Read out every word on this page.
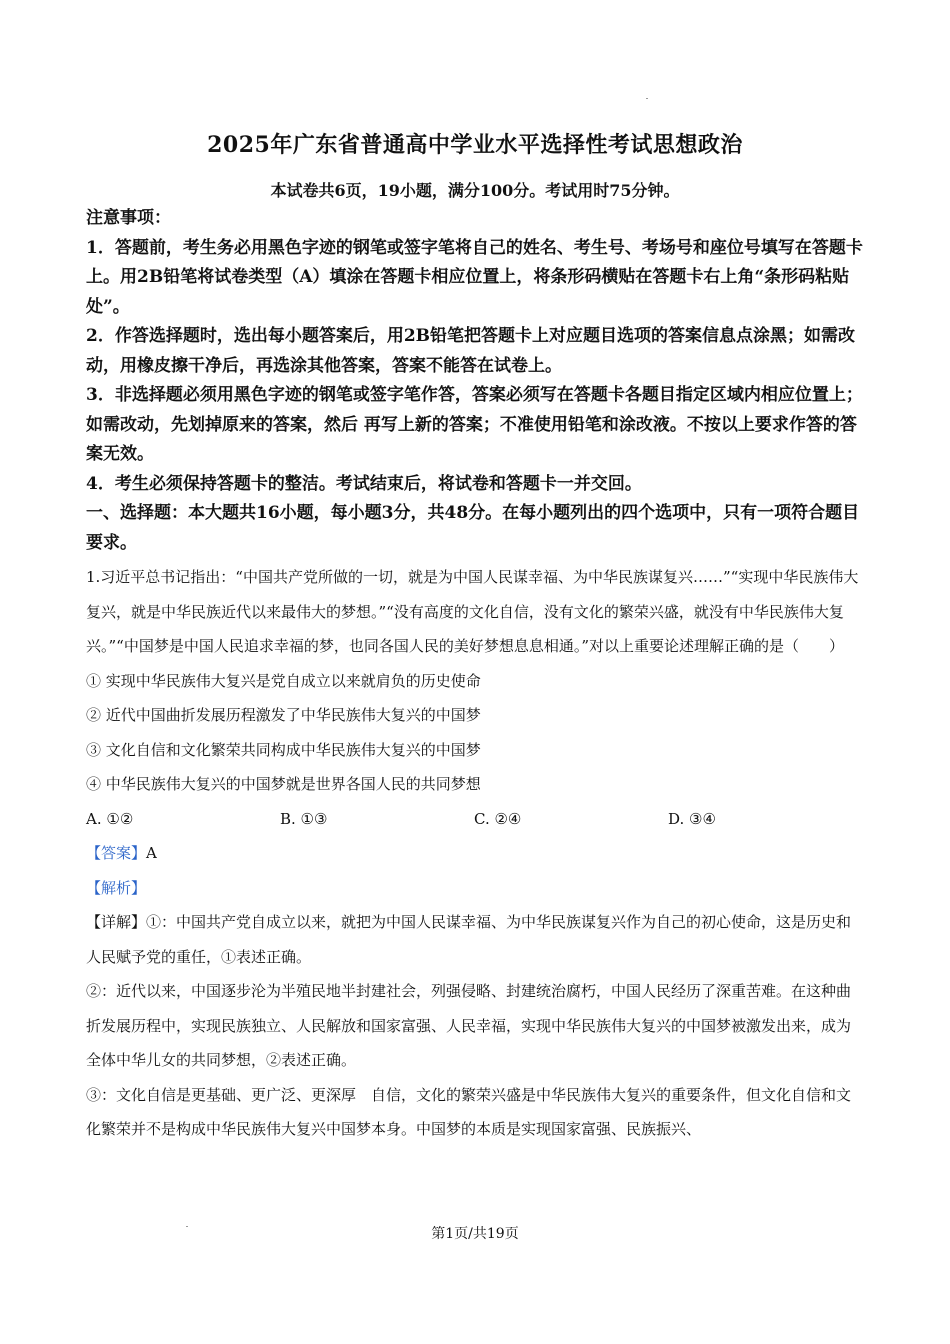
2025年广东省普通高中学业水平选择性考试思想政治

本试卷共6页，19小题，满分100分。考试用时75分钟。

注意事项：

1．答题前，考生务必用黑色字迹的钢笔或签字笔将自己的姓名、考生号、考场号和座位号填写在答题卡上。用2B铅笔将试卷类型（A）填涂在答题卡相应位置上，将条形码横贴在答题卡右上角“条形码粘贴处”。

2．作答选择题时，选出每小题答案后，用2B铅笔把答题卡上对应题目选项的答案信息点涂黑；如需改动，用橡皮擦干净后，再选涂其他答案，答案不能答在试卷上。

3．非选择题必须用黑色字迹的钢笔或签字笔作答，答案必须写在答题卡各题目指定区域内相应位置上；如需改动，先划掉原来的答案，然后 再写上新的答案；不准使用铅笔和涂改液。不按以上要求作答的答案无效。

4．考生必须保持答题卡的整洁。考试结束后，将试卷和答题卡一并交回。

一、选择题：本大题共16小题，每小题3分，共48分。在每小题列出的四个选项中，只有一项符合题目要求。

1.习近平总书记指出：“中国共产党所做的一切，就是为中国人民谋幸福、为中华民族谋复兴……”“实现中华民族伟大复兴，就是中华民族近代以来最伟大的梦想。”“没有高度的文化自信，没有文化的繁荣兴盛，就没有中华民族伟大复兴。”“中国梦是中国人民追求幸福的梦，也同各国人民的美好梦想息息相通。”对以上重要论述理解正确的是（　　）

① 实现中华民族伟大复兴是党自成立以来就肩负的历史使命

② 近代中国曲折发展历程激发了中华民族伟大复兴的中国梦

③ 文化自信和文化繁荣共同构成中华民族伟大复兴的中国梦

④ 中华民族伟大复兴的中国梦就是世界各国人民的共同梦想

A. ①②	B. ①③	C. ②④	D. ③④

【答案】A

【解析】

【详解】①：中国共产党自成立以来，就把为中国人民谋幸福、为中华民族谋复兴作为自己的初心使命，这是历史和人民赋予党的重任，①表述正确。

②：近代以来，中国逐步沦为半殖民地半封建社会，列强侵略、封建统治腐朽，中国人民经历了深重苦难。在这种曲折发展历程中，实现民族独立、人民解放和国家富强、人民幸福，实现中华民族伟大复兴的中国梦被激发出来，成为全体中华儿女的共同梦想，②表述正确。

③：文化自信是更基础、更广泛、更深厚　自信，文化的繁荣兴盛是中华民族伟大复兴的重要条件，但文化自信和文化繁荣并不是构成中华民族伟大复兴中国梦本身。中国梦的本质是实现国家富强、民族振兴、

第1页/共19页
